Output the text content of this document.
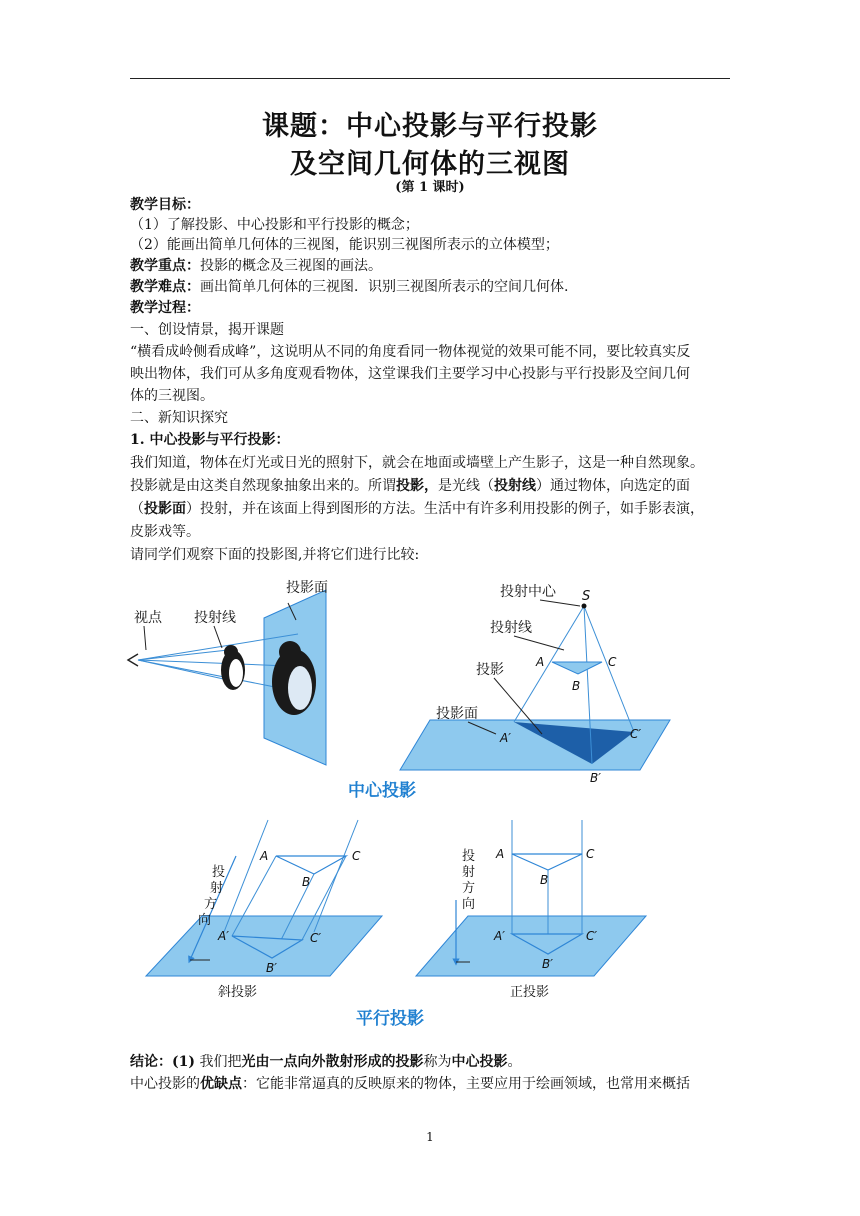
课题：中心投影与平行投影
及空间几何体的三视图
(第 1 课时)
教学目标：
（1）了解投影、中心投影和平行投影的概念；
（2）能画出简单几何体的三视图，能识别三视图所表示的立体模型；
教学重点：投影的概念及三视图的画法。
教学难点：画出简单几何体的三视图．识别三视图所表示的空间几何体.
教学过程：
一、创设情景，揭开课题
“横看成岭侧看成峰”，这说明从不同的角度看同一物体视觉的效果可能不同，要比较真实反
映出物体，我们可从多角度观看物体，这堂课我们主要学习中心投影与平行投影及空间几何
体的三视图。
二、新知识探究
1. 中心投影与平行投影：
我们知道，物体在灯光或日光的照射下，就会在地面或墙壁上产生影子，这是一种自然现象。
投影就是由这类自然现象抽象出来的。所谓投影，是光线（投射线）通过物体，向选定的面
（投影面）投射，并在该面上得到图形的方法。生活中有许多利用投影的例子，如手影表演，
皮影戏等。
请同学们观察下面的投影图,并将它们进行比较:
投影面
视点 投射线
投射中心 S
投射线
投影
投影面
A	C
B
A′	C′
B′
中心投影
投
射
方
向
A	C
B
A′	C′
B′
斜投影
投
射
方
向
A	C
B
A′	C′
B′
正投影
平行投影
结论：(1) 我们把光由一点向外散射形成的投影称为中心投影。
中心投影的优缺点：它能非常逼真的反映原来的物体，主要应用于绘画领域，也常用来概括
1
